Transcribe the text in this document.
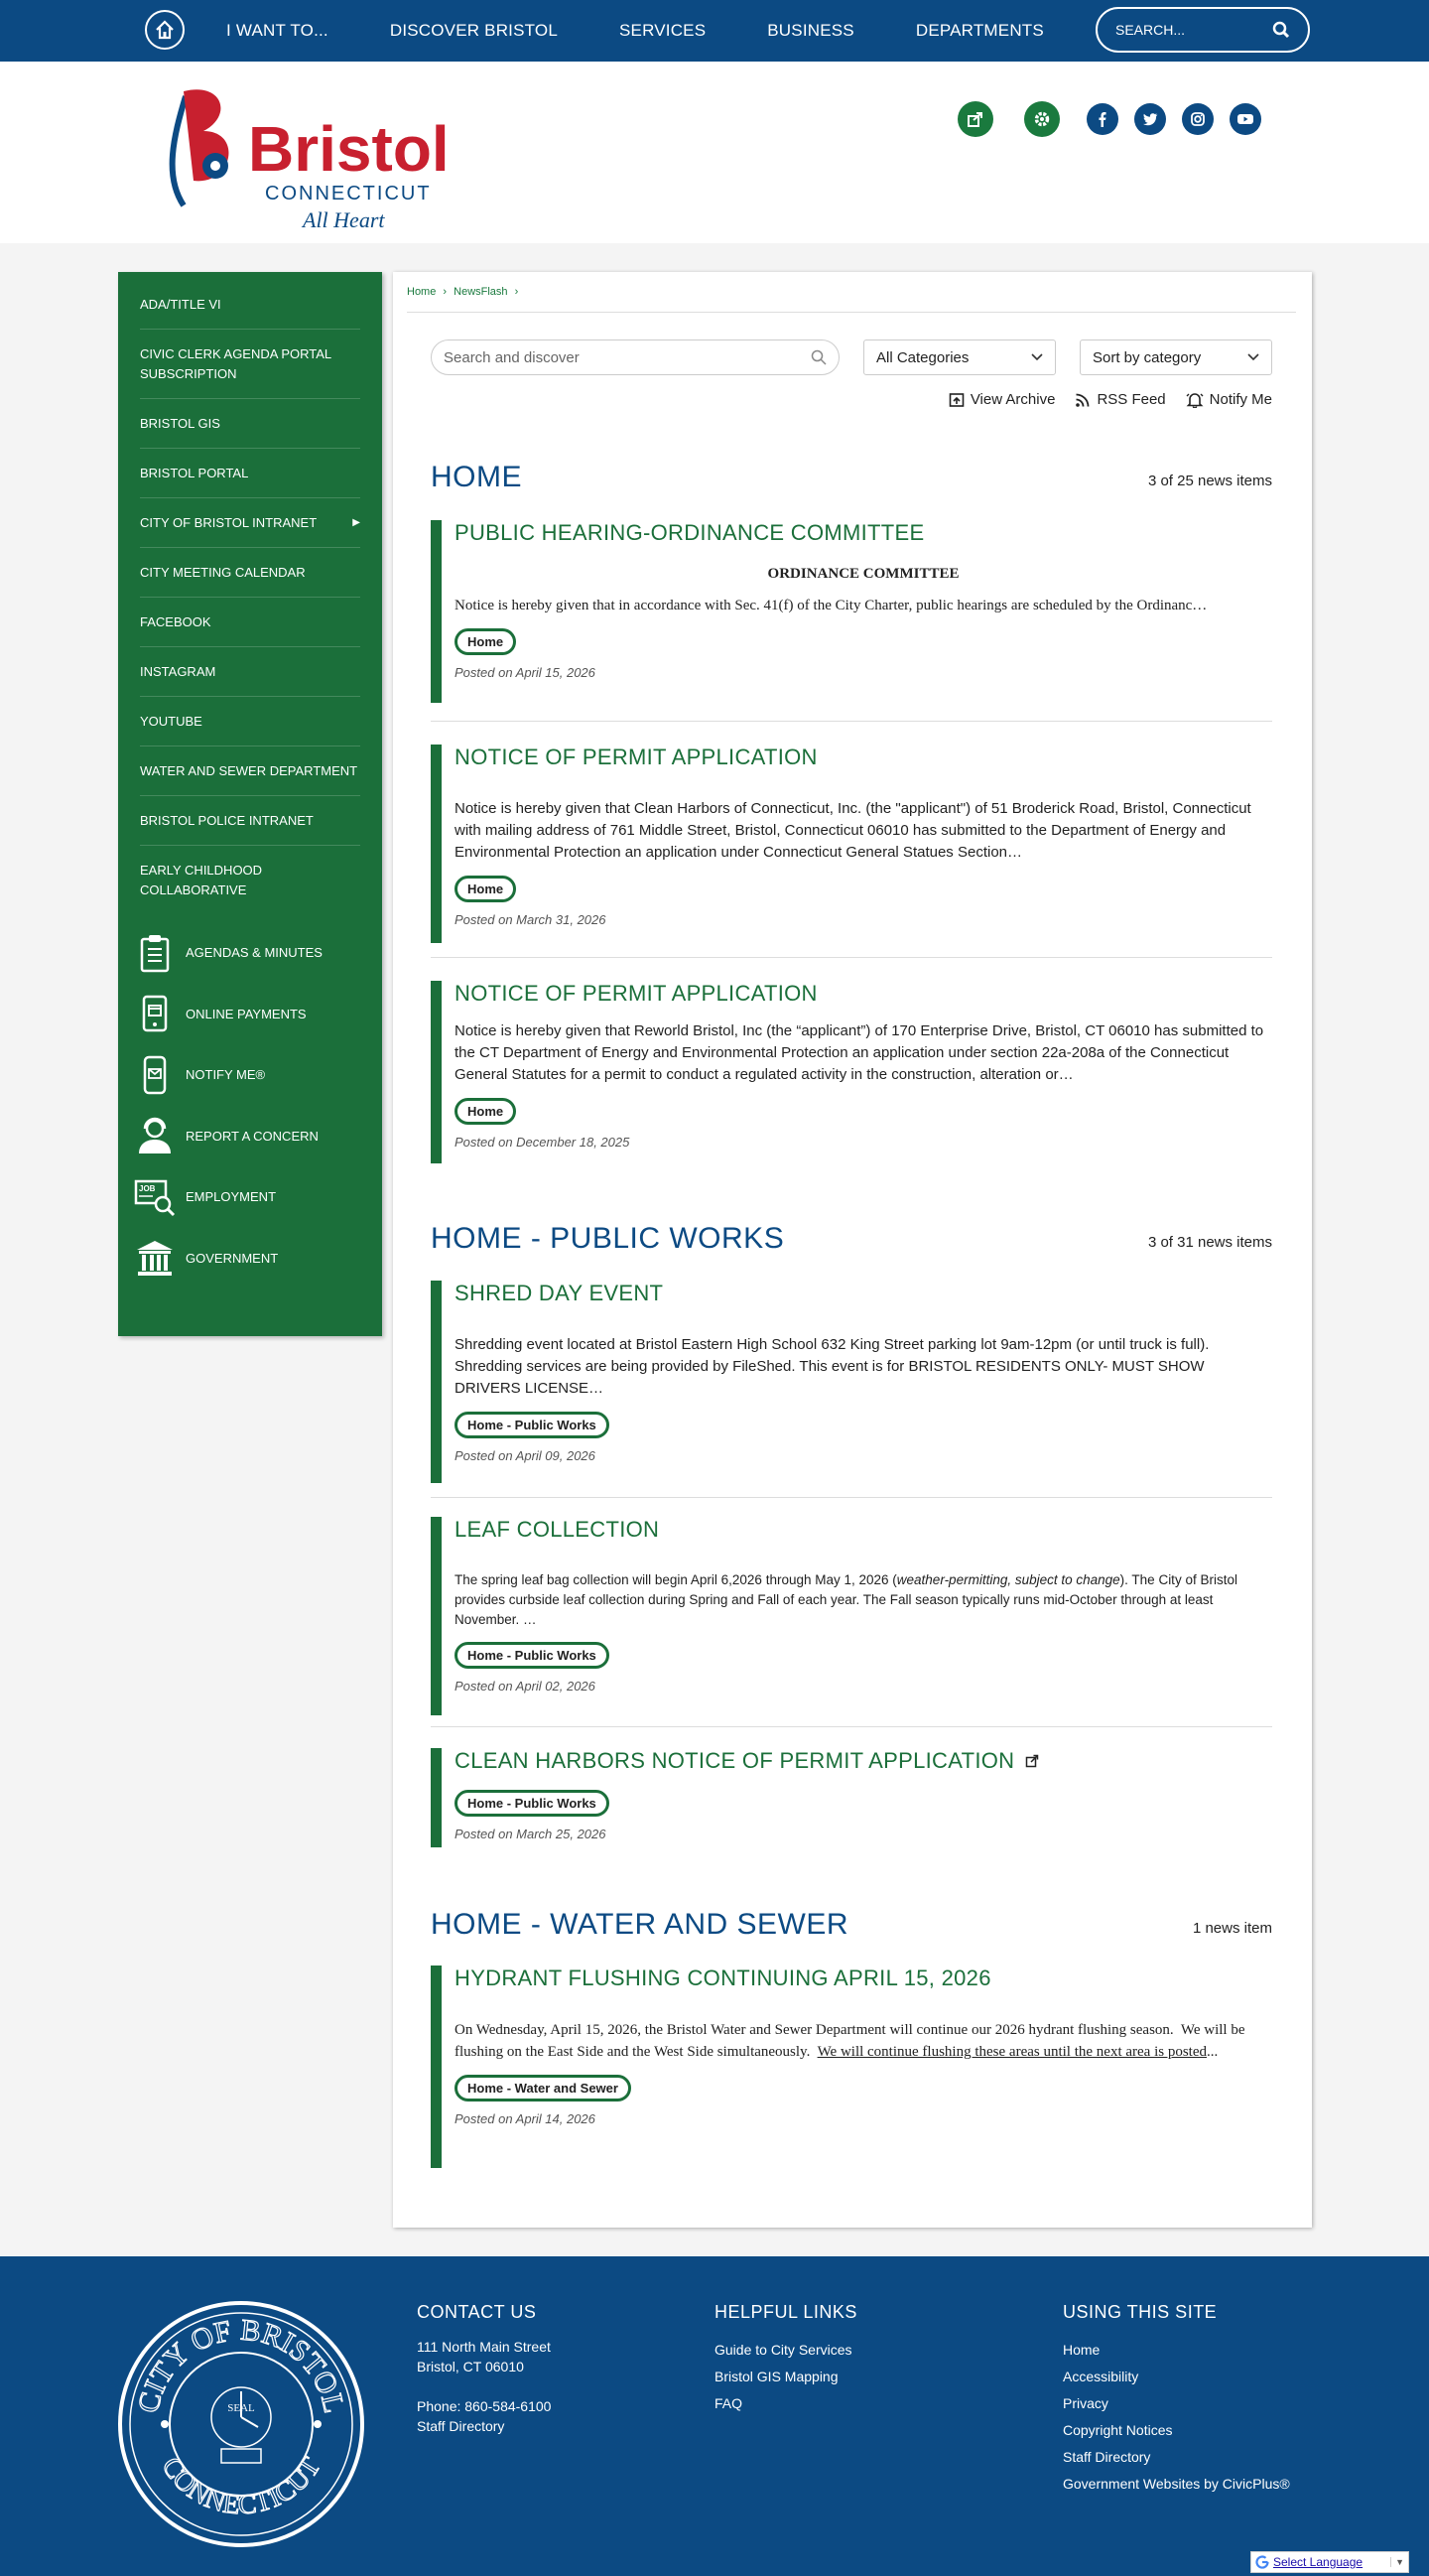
I WANT TO...	DISCOVER BRISTOL	SERVICES	BUSINESS	DEPARTMENTS
SEARCH...
Bristol
CONNECTICUT
All Heart
ADA/TITLE VI
CIVIC CLERK AGENDA PORTAL SUBSCRIPTION
BRISTOL GIS
BRISTOL PORTAL
CITY OF BRISTOL INTRANET	▶
CITY MEETING CALENDAR
FACEBOOK
INSTAGRAM
YOUTUBE
WATER AND SEWER DEPARTMENT
BRISTOL POLICE INTRANET
EARLY CHILDHOOD COLLABORATIVE
AGENDAS & MINUTES
ONLINE PAYMENTS
NOTIFY ME®
REPORT A CONCERN
JOB
EMPLOYMENT
GOVERNMENT
Home › NewsFlash ›
Search and discover
All Categories	Sort by category
View Archive	RSS Feed	Notify Me
HOME	3 of 25 news items
PUBLIC HEARING-ORDINANCE COMMITTEE
ORDINANCE COMMITTEE
Notice is hereby given that in accordance with Sec. 41(f) of the City Charter, public hearings are scheduled by the Ordinanc…
Home
Posted on April 15, 2026
NOTICE OF PERMIT APPLICATION
Notice is hereby given that Clean Harbors of Connecticut, Inc. (the "applicant") of 51 Broderick Road, Bristol, Connecticut with mailing address of 761 Middle Street, Bristol, Connecticut 06010 has submitted to the Department of Energy and Environmental Protection an application under Connecticut General Statues Section…
Home
Posted on March 31, 2026
NOTICE OF PERMIT APPLICATION
Notice is hereby given that Reworld Bristol, Inc (the “applicant”) of 170 Enterprise Drive, Bristol, CT 06010 has submitted to the CT Department of Energy and Environmental Protection an application under section 22a-208a of the Connecticut General Statutes for a permit to conduct a regulated activity in the construction, alteration or…
Home
Posted on December 18, 2025
HOME - PUBLIC WORKS	3 of 31 news items
SHRED DAY EVENT
Shredding event located at Bristol Eastern High School 632 King Street parking lot 9am-12pm (or until truck is full). Shredding services are being provided by FileShed. This event is for BRISTOL RESIDENTS ONLY- MUST SHOW DRIVERS LICENSE…
Home - Public Works
Posted on April 09, 2026
LEAF COLLECTION
The spring leaf bag collection will begin April 6,2026 through May 1, 2026 (weather-permitting, subject to change). The City of Bristol provides curbside leaf collection during Spring and Fall of each year. The Fall season typically runs mid-October through at least November. …
Home - Public Works
Posted on April 02, 2026
CLEAN HARBORS NOTICE OF PERMIT APPLICATION
Home - Public Works
Posted on March 25, 2026
HOME - WATER AND SEWER	1 news item
HYDRANT FLUSHING CONTINUING APRIL 15, 2026
On Wednesday, April 15, 2026, the Bristol Water and Sewer Department will continue our 2026 hydrant flushing season.  We will be flushing on the East Side and the West Side simultaneously.  We will continue flushing these areas until the next area is posted...
Home - Water and Sewer
Posted on April 14, 2026
CITY OF BRISTOL
CONNECTICUT
SEAL
CONTACT US
111 North Main Street
Bristol, CT 06010
Phone: 860-584-6100
Staff Directory
HELPFUL LINKS
Guide to City Services
Bristol GIS Mapping
FAQ
USING THIS SITE
Home
Accessibility
Privacy
Copyright Notices
Staff Directory
Government Websites by CivicPlus®
Select Language	▼
